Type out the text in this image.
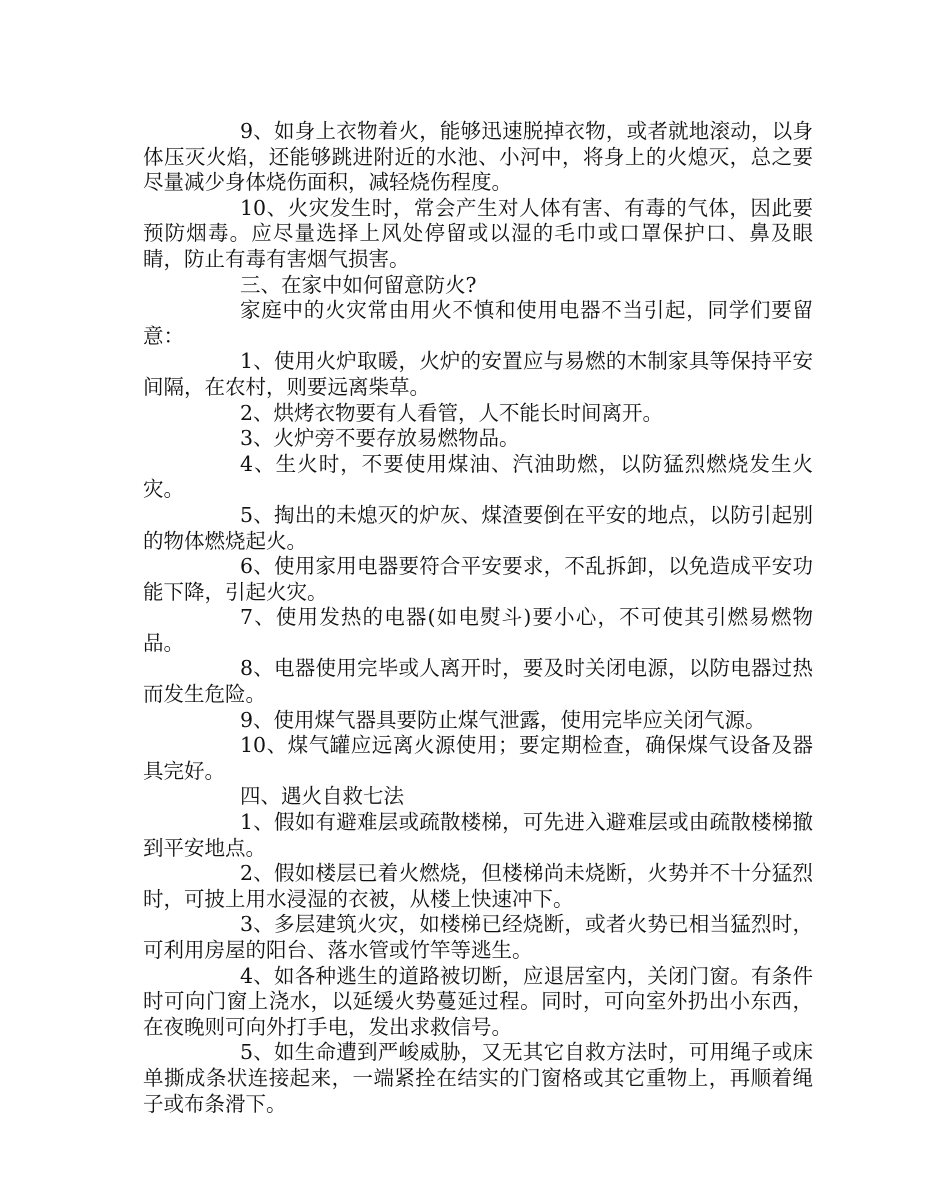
9、如身上衣物着火，能够迅速脱掉衣物，或者就地滚动，以身体压灭火焰，还能够跳进附近的水池、小河中，将身上的火熄灭，总之要尽量减少身体烧伤面积，减轻烧伤程度。

10、火灾发生时，常会产生对人体有害、有毒的气体，因此要预防烟毒。应尽量选择上风处停留或以湿的毛巾或口罩保护口、鼻及眼睛，防止有毒有害烟气损害。

三、在家中如何留意防火?

家庭中的火灾常由用火不慎和使用电器不当引起，同学们要留意：

1、使用火炉取暖，火炉的安置应与易燃的木制家具等保持平安间隔，在农村，则要远离柴草。

2、烘烤衣物要有人看管，人不能长时间离开。

3、火炉旁不要存放易燃物品。

4、生火时，不要使用煤油、汽油助燃，以防猛烈燃烧发生火灾。

5、掏出的未熄灭的炉灰、煤渣要倒在平安的地点，以防引起别的物体燃烧起火。

6、使用家用电器要符合平安要求，不乱拆卸，以免造成平安功能下降，引起火灾。

7、使用发热的电器(如电熨斗)要小心，不可使其引燃易燃物品。

8、电器使用完毕或人离开时，要及时关闭电源，以防电器过热而发生危险。

9、使用煤气器具要防止煤气泄露，使用完毕应关闭气源。

10、煤气罐应远离火源使用；要定期检查，确保煤气设备及器具完好。

四、遇火自救七法

1、假如有避难层或疏散楼梯，可先进入避难层或由疏散楼梯撤到平安地点。

2、假如楼层已着火燃烧，但楼梯尚未烧断，火势并不十分猛烈时，可披上用水浸湿的衣被，从楼上快速冲下。

3、多层建筑火灾，如楼梯已经烧断，或者火势已相当猛烈时，可利用房屋的阳台、落水管或竹竿等逃生。

4、如各种逃生的道路被切断，应退居室内，关闭门窗。有条件时可向门窗上浇水，以延缓火势蔓延过程。同时，可向室外扔出小东西，在夜晚则可向外打手电，发出求救信号。

5、如生命遭到严峻威胁，又无其它自救方法时，可用绳子或床单撕成条状连接起来，一端紧拴在结实的门窗格或其它重物上，再顺着绳子或布条滑下。
